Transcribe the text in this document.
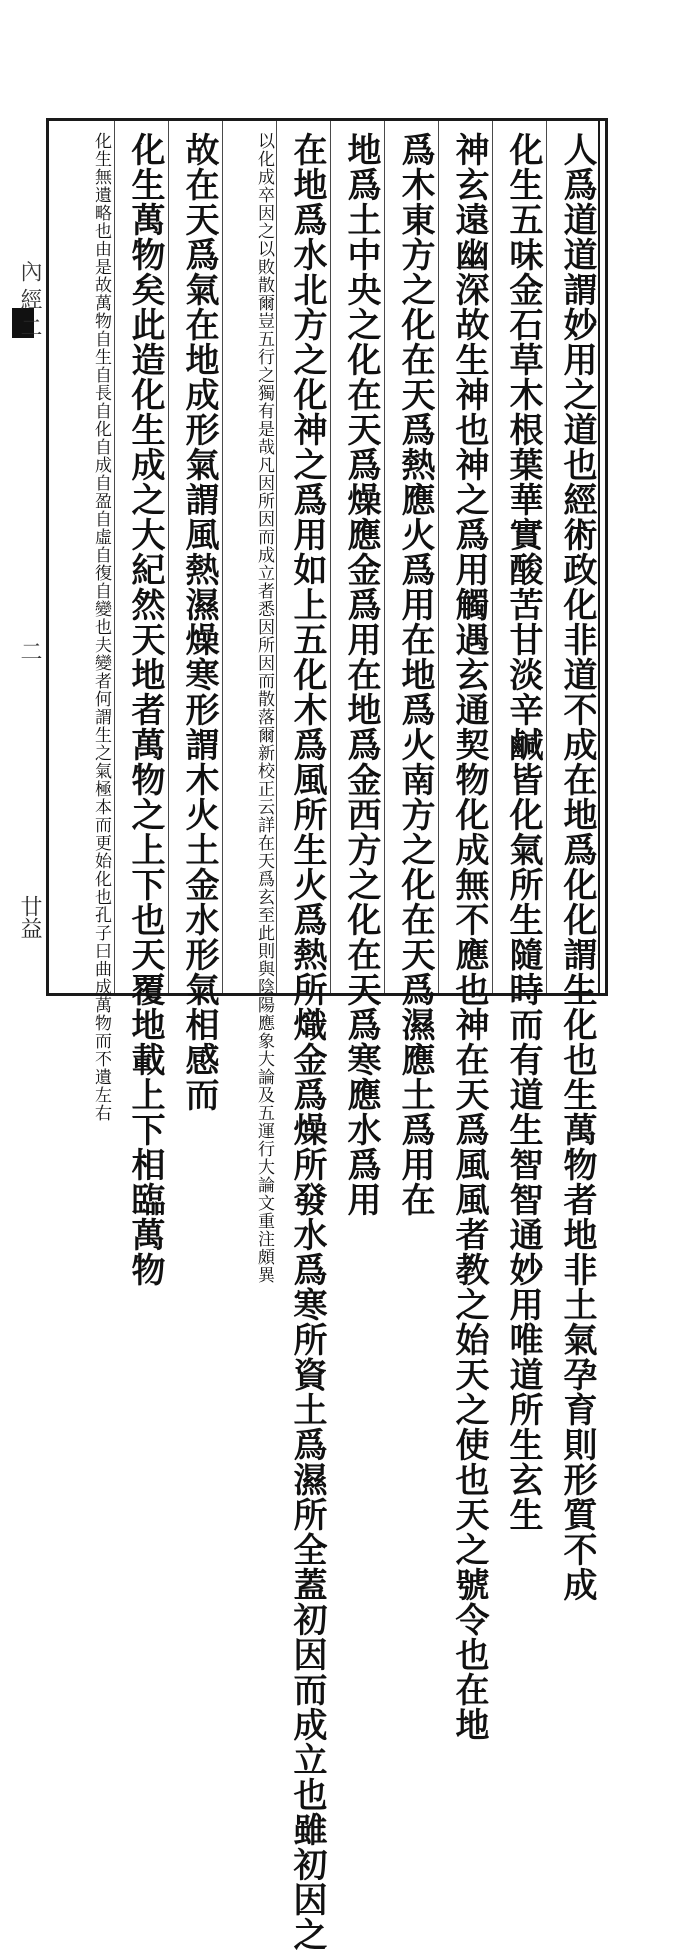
內經二
二
廿益	人爲道道謂妙用之道也經術政化非道不成在地爲化化謂生化也生萬物者地非土氣孕育則形質不成
化生五味金石草木根葉華實酸苦甘淡辛鹹皆化氣所生隨時而有道生智智通妙用唯道所生玄生
神玄遠幽深故生神也神之爲用觸遇玄通契物化成無不應也神在天爲風風者教之始天之使也天之號令也在地
爲木東方之化在天爲熱應火爲用在地爲火南方之化在天爲濕應土爲用在
地爲土中央之化在天爲燥應金爲用在地爲金西方之化在天爲寒應水爲用
在地爲水北方之化神之爲用如上五化木爲風所生火爲熱所熾金爲燥所發水爲寒所資土爲濕所全蓋初因而成立也雖初因之
以化成卒因之以敗散爾豈五行之獨有是哉凡因所因而成立者悉因所因而散落爾新校正云詳在天爲玄至此則與陰陽應象大論及五運行大論文重注頗異
故在天爲氣在地成形氣謂風熱濕燥寒形謂木火土金水形氣相感而
化生萬物矣此造化生成之大紀然天地者萬物之上下也天覆地載上下相臨萬物
化生無遺略也由是故萬物自生自長自化自成自盈自虛自復自變也夫變者何謂生之氣極本而更始化也孔子曰曲成萬物而不遺左右
